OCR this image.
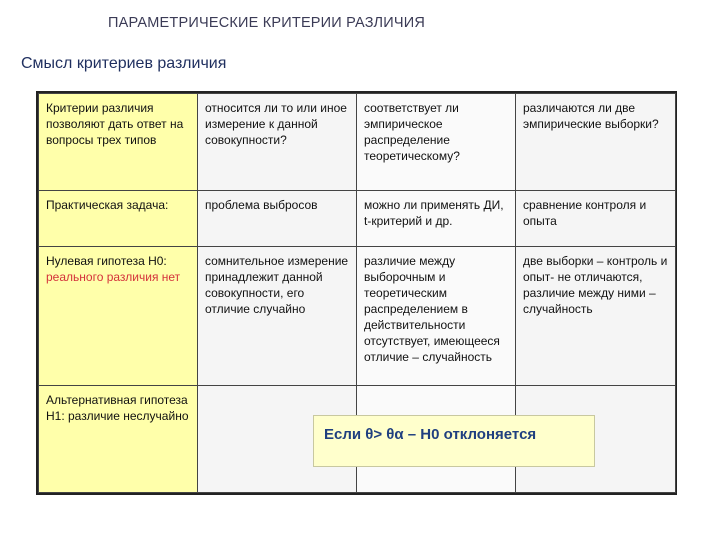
ПАРАМЕТРИЧЕСКИЕ КРИТЕРИИ РАЗЛИЧИЯ
Смысл критериев различия
Критерии различия позволяют дать ответ на вопросы трех типов	относится ли то или иное измерение к данной совокупности?	соответствует ли эмпирическое распределение теоретическому?	различаются ли две эмпирические выборки?
Практическая задача:	проблема выбросов	можно ли применять ДИ, t-критерий и др.	сравнение контроля и опыта
Нулевая гипотеза H0: реального различия нет	сомнительное измерение принадлежит данной совокупности, его отличие случайно	различие между выборочным и теоретическим распределением в действительности отсутствует, имеющееся отличие – случайность	две выборки – контроль и опыт- не отличаются, различие между ними – случайность
Альтернативная гипотеза H1: различие неслучайно			
Если θ> θα – H0 отклоняется
